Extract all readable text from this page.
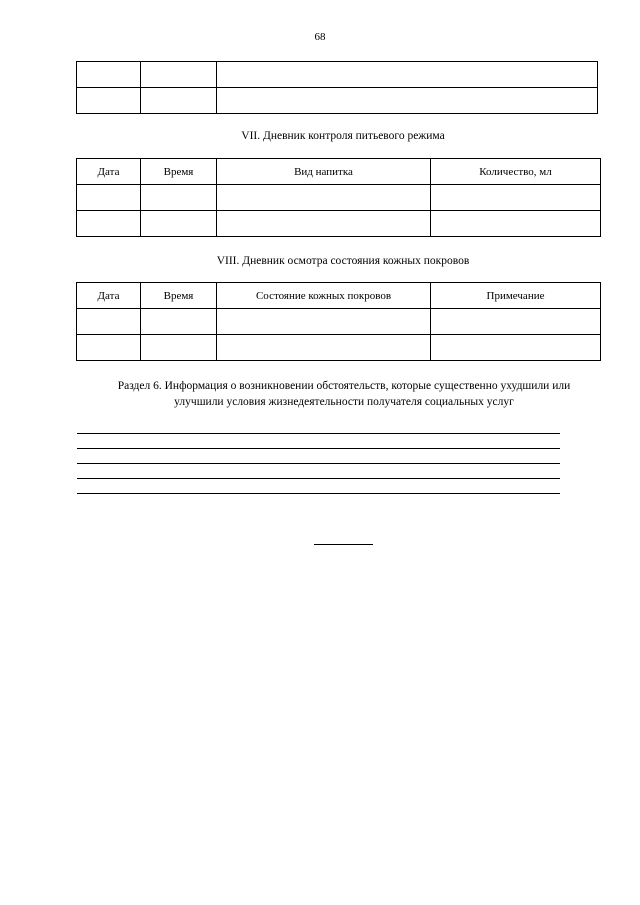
68

VII. Дневник контроля питьевого режима
Дата	Время	Вид напитка	Количество, мл

VIII. Дневник осмотра состояния кожных покровов
Дата	Время	Состояние кожных покровов	Примечание

Раздел 6. Информация о возникновении обстоятельств, которые существенно ухудшили или
улучшили условия жизнедеятельности получателя социальных услуг
